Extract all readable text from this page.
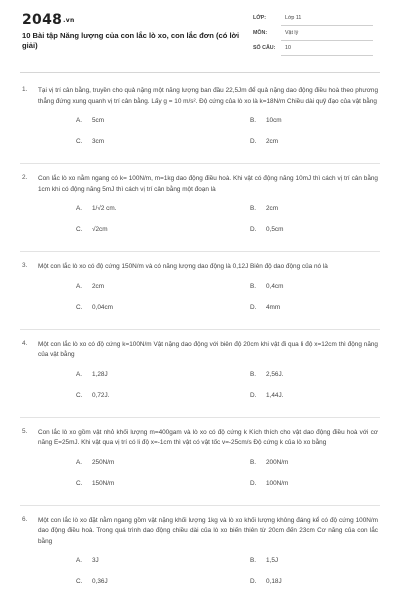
2048.vn
10 Bài tập Năng lượng của con lắc lò xo, con lắc đơn (có lời giải)
LỚP:	Lớp 11
MÔN:	Vật lý
SỐ CÂU: 10
1. Tại vị trí cân bằng, truyền cho quả nặng một năng lượng ban đầu 22,5Jm để quả nặng dao động điều hoà theo phương thẳng đứng xung quanh vị trí cân bằng. Lấy g = 10 m/s². Độ cứng của lò xo là k=18N/m Chiều dài quỹ đạo của vật bằng
A. 5cm	B. 10cm
C. 3cm	D. 2cm
2. Con lắc lò xo nằm ngang có k= 100N/m, m=1kg dao động điều hoà. Khi vật có động năng 10mJ thì cách vị trí cân bằng 1cm khi có động năng 5mJ thì cách vị trí cân bằng một đoạn là
A. 1/√2 cm.	B. 2cm
C. √2cm	D. 0,5cm
3. Một con lắc lò xo có độ cứng 150N/m và có năng lượng dao động là 0,12J Biên độ dao động của nó là
A. 2cm	B. 0,4cm
C. 0,04cm	D. 4mm
4. Một con lắc lò xo có độ cứng k=100N/m Vật nặng dao động với biên độ 20cm khi vật đi qua li độ x=12cm thì động năng của vật bằng
A. 1,28J	B. 2,56J.
C. 0,72J.	D. 1,44J.
5. Con lắc lò xo gồm vật nhỏ khối lượng m=400gam và lò xo có độ cứng k Kích thích cho vật dao động điều hoà với cơ năng E=25mJ. Khi vật qua vị trí có li độ x=-1cm thì vật có vật tốc v=-25cm/s Độ cứng k của lò xo bằng
A. 250N/m	B. 200N/m
C. 150N/m	D. 100N/m
6. Một con lắc lò xo đặt nằm ngang gồm vật nặng khối lượng 1kg và lò xo khối lượng không đáng kể có độ cứng 100N/m dao động điều hoà. Trong quá trình dao động chiều dài của lò xo biến thiên từ 20cm đến 23cm Cơ năng của con lắc bằng
A. 3J	B. 1,5J
C. 0,36J	D. 0,18J
